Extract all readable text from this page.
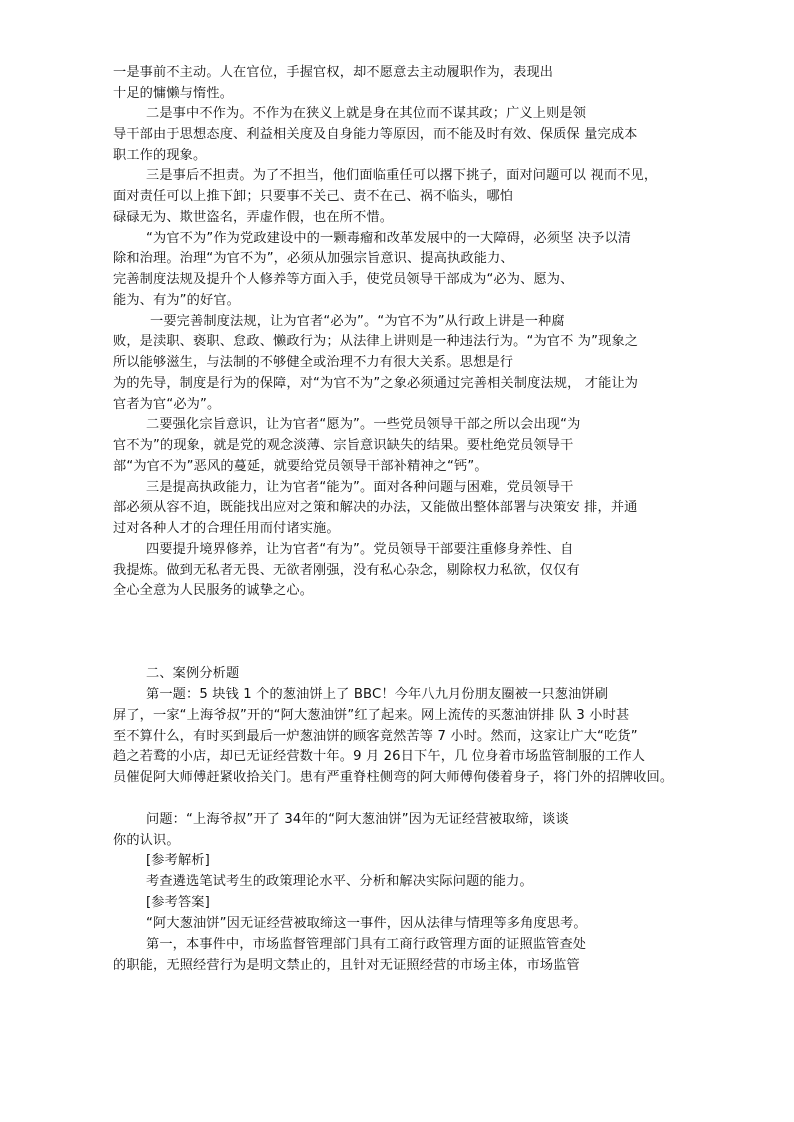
一是事前不主动。人在官位，手握官权，却不愿意去主动履职作为，表现出
十足的慵懒与惰性。
二是事中不作为。不作为在狭义上就是身在其位而不谋其政；广义上则是领
导干部由于思想态度、利益相关度及自身能力等原因，而不能及时有效、保质保 量完成本
职工作的现象。
三是事后不担责。为了不担当，他们面临重任可以撂下挑子，面对问题可以 视而不见，
面对责任可以上推下卸；只要事不关己、责不在己、祸不临头，哪怕
碌碌无为、欺世盗名，弄虚作假，也在所不惜。
“为官不为”作为党政建设中的一颗毒瘤和改革发展中的一大障碍，必须坚 决予以清
除和治理。治理“为官不为”，必须从加强宗旨意识、提高执政能力、
完善制度法规及提升个人修养等方面入手，使党员领导干部成为“必为、愿为、
能为、有为”的好官。
一要完善制度法规，让为官者“必为”。“为官不为”从行政上讲是一种腐
败，是渎职、亵职、怠政、懒政行为；从法律上讲则是一种违法行为。“为官不 为”现象之
所以能够滋生，与法制的不够健全或治理不力有很大关系。思想是行
为的先导，制度是行为的保障，对“为官不为”之象必须通过完善相关制度法规， 才能让为
官者为官“必为”。
二要强化宗旨意识，让为官者“愿为”。一些党员领导干部之所以会出现“为
官不为”的现象，就是党的观念淡薄、宗旨意识缺失的结果。要杜绝党员领导干
部“为官不为”恶风的蔓延，就要给党员领导干部补精神之“钙”。
三是提高执政能力，让为官者“能为”。面对各种问题与困难，党员领导干
部必须从容不迫，既能找出应对之策和解决的办法，又能做出整体部署与决策安 排，并通
过对各种人才的合理任用而付诸实施。
四要提升境界修养，让为官者“有为”。党员领导干部要注重修身养性、自
我提炼。做到无私者无畏、无欲者刚强，没有私心杂念，剔除权力私欲，仅仅有
全心全意为人民服务的诚挚之心。
二、案例分析题
第一题：5 块钱 1 个的葱油饼上了 BBC！今年八九月份朋友圈被一只葱油饼刷
屏了，一家“上海爷叔”开的“阿大葱油饼”红了起来。网上流传的买葱油饼排 队 3 小时甚
至不算什么，有时买到最后一炉葱油饼的顾客竟然苦等 7 小时。然而，这家让广大“吃货”
趋之若鹜的小店，却已无证经营数十年。9 月 26日下午，几 位身着市场监管制服的工作人
员催促阿大师傅赶紧收拾关门。患有严重脊柱侧弯的阿大师傅佝偻着身子，将门外的招牌收回。
问题：“上海爷叔”开了 34年的“阿大葱油饼”因为无证经营被取缔，谈谈
你的认识。
[参考解析]
考查遴选笔试考生的政策理论水平、分析和解决实际问题的能力。
[参考答案]
“阿大葱油饼”因无证经营被取缔这一事件，因从法律与情理等多角度思考。
第一，本事件中，市场监督管理部门具有工商行政管理方面的证照监管查处
的职能，无照经营行为是明文禁止的，且针对无证照经营的市场主体，市场监管
